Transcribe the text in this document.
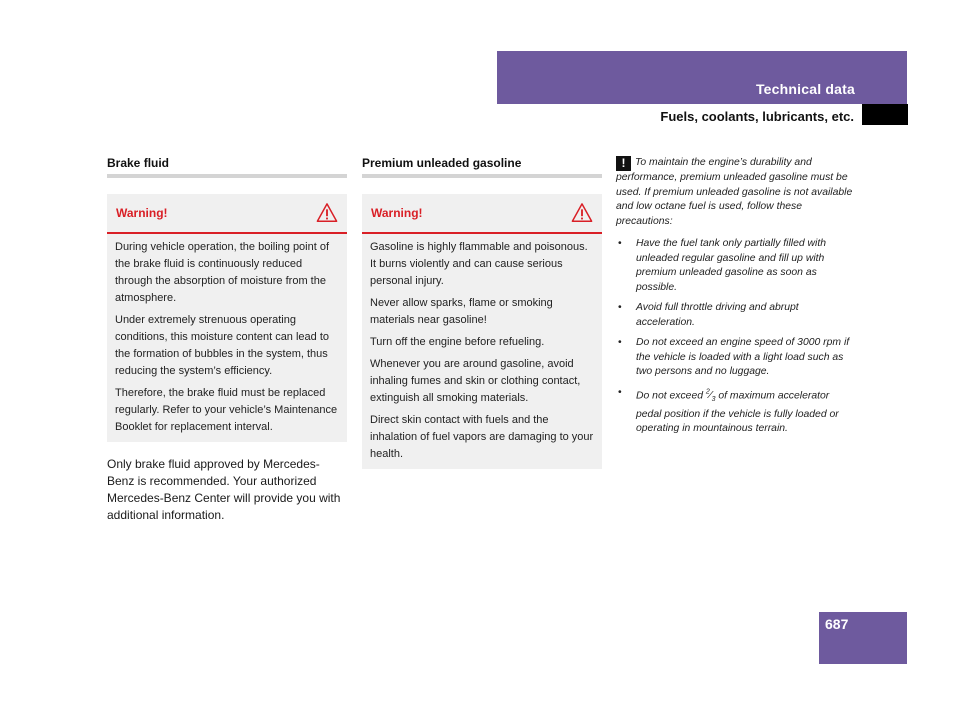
Technical data
Fuels, coolants, lubricants, etc.
Brake fluid
Warning!

During vehicle operation, the boiling point of the brake fluid is continuously reduced through the absorption of moisture from the atmosphere.

Under extremely strenuous operating conditions, this moisture content can lead to the formation of bubbles in the system, thus reducing the system’s efficiency.

Therefore, the brake fluid must be replaced regularly. Refer to your vehicle’s Maintenance Booklet for replacement interval.

Only brake fluid approved by Mercedes-Benz is recommended. Your authorized Mercedes-Benz Center will provide you with additional information.

Premium unleaded gasoline
Warning!

Gasoline is highly flammable and poisonous. It burns violently and can cause serious personal injury.

Never allow sparks, flame or smoking materials near gasoline!

Turn off the engine before refueling.

Whenever you are around gasoline, avoid inhaling fumes and skin or clothing contact, extinguish all smoking materials.

Direct skin contact with fuels and the inhalation of fuel vapors are damaging to your health.

! To maintain the engine’s durability and performance, premium unleaded gasoline must be used. If premium unleaded gasoline is not available and low octane fuel is used, follow these precautions:

• Have the fuel tank only partially filled with unleaded regular gasoline and fill up with premium unleaded gasoline as soon as possible.
• Avoid full throttle driving and abrupt acceleration.
• Do not exceed an engine speed of 3000 rpm if the vehicle is loaded with a light load such as two persons and no luggage.
• Do not exceed $^2⁄_3$ of maximum accelerator pedal position if the vehicle is fully loaded or operating in mountainous terrain.
687
